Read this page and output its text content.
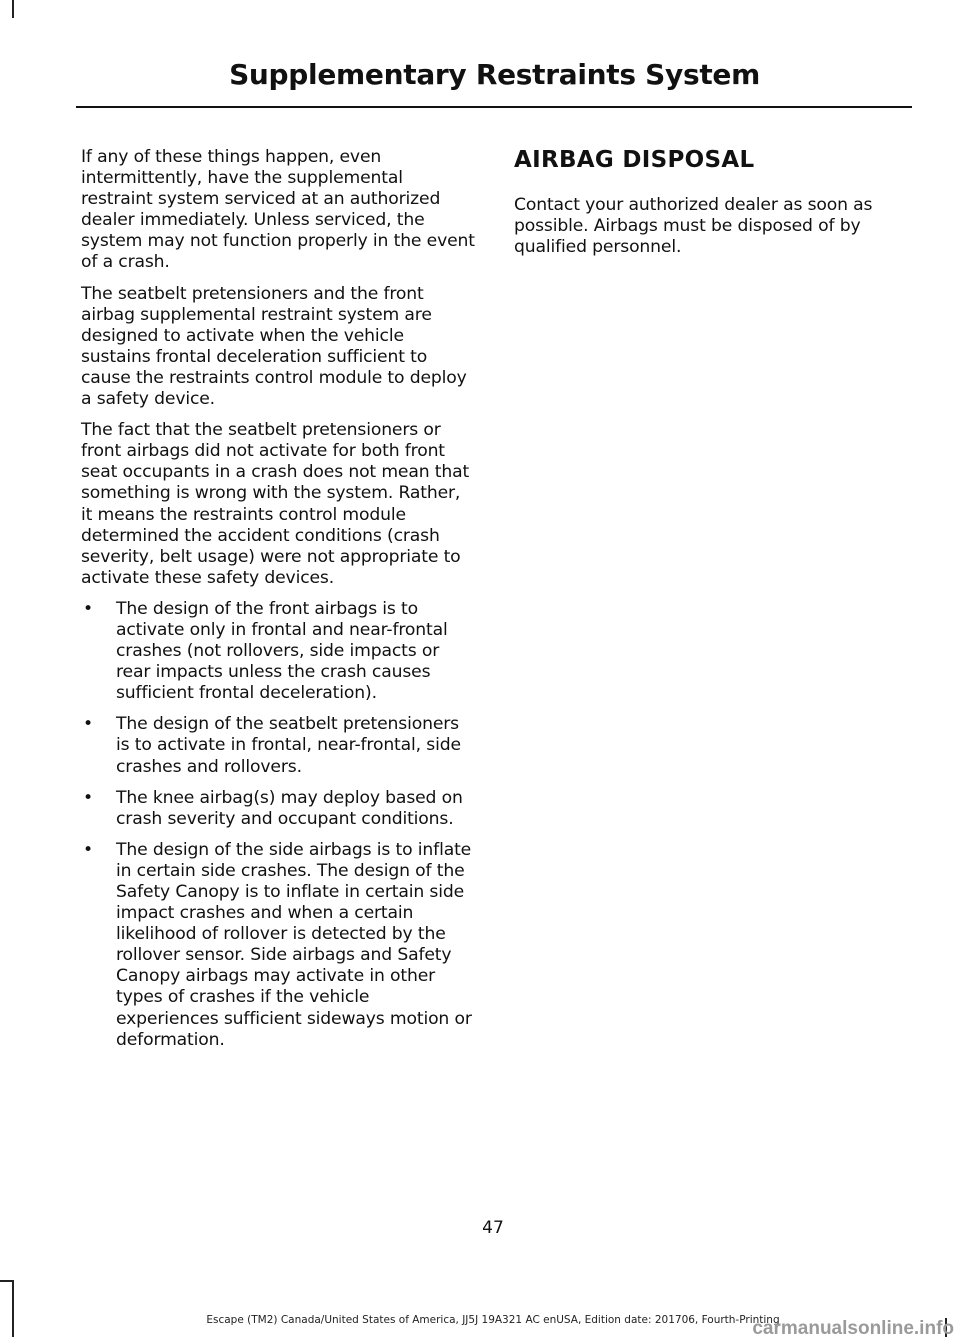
Supplementary Restraints System

If any of these things happen, even intermittently, have the supplemental restraint system serviced at an authorized dealer immediately. Unless serviced, the system may not function properly in the event of a crash.

The seatbelt pretensioners and the front airbag supplemental restraint system are designed to activate when the vehicle sustains frontal deceleration sufficient to cause the restraints control module to deploy a safety device.

The fact that the seatbelt pretensioners or front airbags did not activate for both front seat occupants in a crash does not mean that something is wrong with the system. Rather, it means the restraints control module determined the accident conditions (crash severity, belt usage) were not appropriate to activate these safety devices.

• The design of the front airbags is to activate only in frontal and near-frontal crashes (not rollovers, side impacts or rear impacts unless the crash causes sufficient frontal deceleration).
• The design of the seatbelt pretensioners is to activate in frontal, near-frontal, side crashes and rollovers.
• The knee airbag(s) may deploy based on crash severity and occupant conditions.
• The design of the side airbags is to inflate in certain side crashes. The design of the Safety Canopy is to inflate in certain side impact crashes and when a certain likelihood of rollover is detected by the rollover sensor. Side airbags and Safety Canopy airbags may activate in other types of crashes if the vehicle experiences sufficient sideways motion or deformation.
AIRBAG DISPOSAL

Contact your authorized dealer as soon as possible. Airbags must be disposed of by qualified personnel.

47
Escape (TM2) Canada/United States of America, JJ5J 19A321 AC enUSA, Edition date: 201706, Fourth-Printing
carmanualsonline.info
